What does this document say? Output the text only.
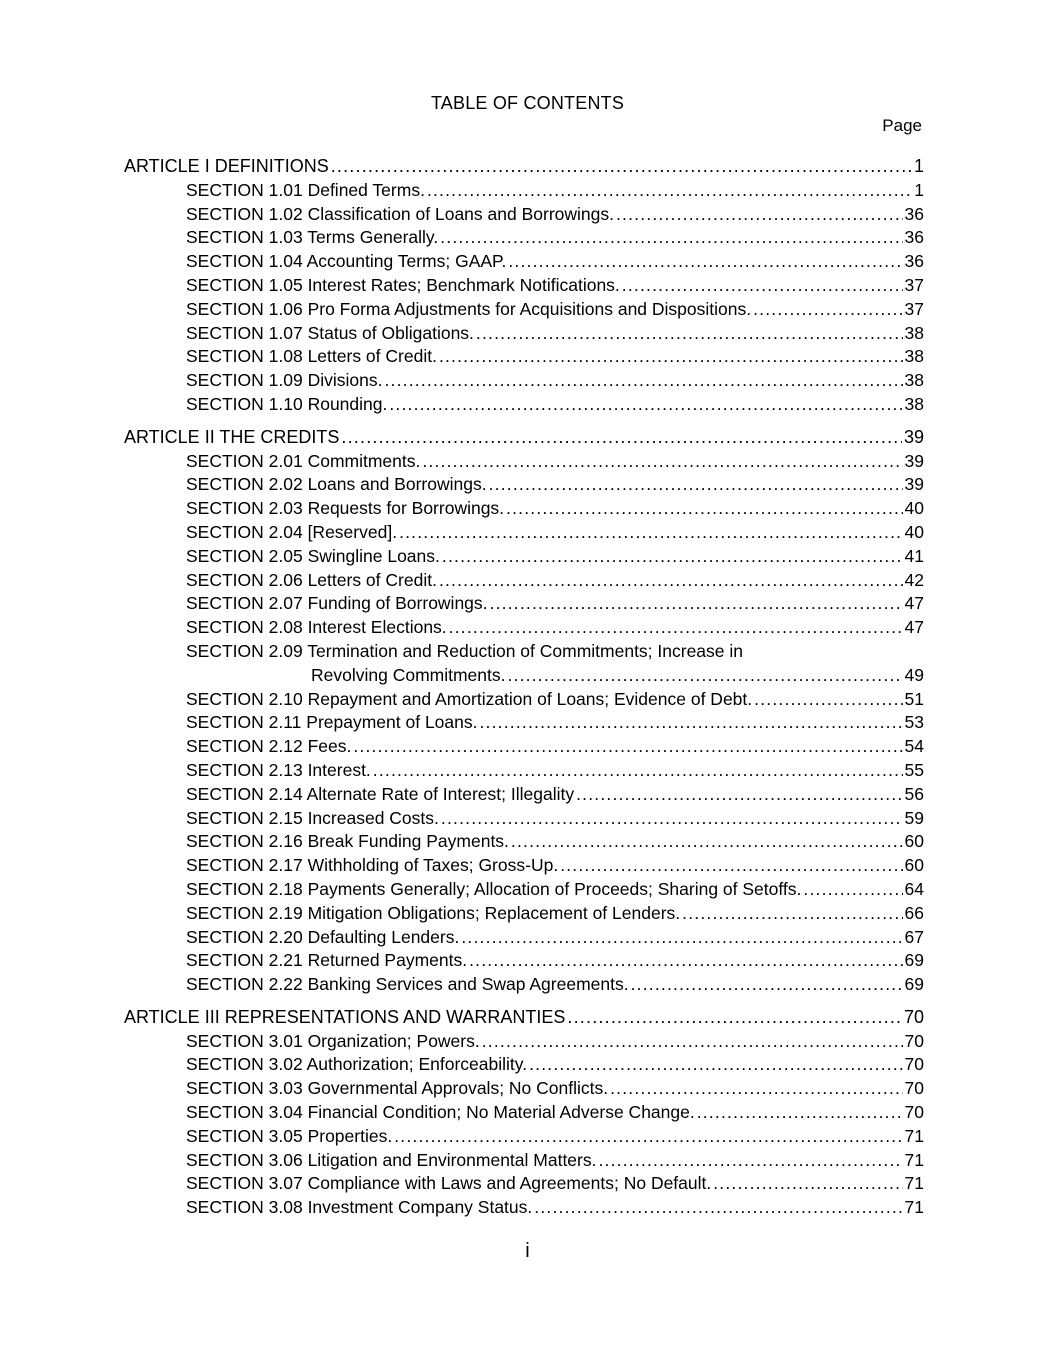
TABLE OF CONTENTS
Page
ARTICLE I DEFINITIONS .....	1
SECTION 1.01 Defined Terms. .....	1
SECTION 1.02 Classification of Loans and Borrowings. .....	36
SECTION 1.03 Terms Generally. .....	36
SECTION 1.04 Accounting Terms; GAAP. .....	36
SECTION 1.05 Interest Rates; Benchmark Notifications. .....	37
SECTION 1.06 Pro Forma Adjustments for Acquisitions and Dispositions. .....	37
SECTION 1.07 Status of Obligations. .....	38
SECTION 1.08 Letters of Credit. .....	38
SECTION 1.09 Divisions. .....	38
SECTION 1.10 Rounding. .....	38
ARTICLE II THE CREDITS .....	39
SECTION 2.01 Commitments. .....	39
SECTION 2.02 Loans and Borrowings. .....	39
SECTION 2.03 Requests for Borrowings. .....	40
SECTION 2.04 [Reserved]. .....	40
SECTION 2.05 Swingline Loans. .....	41
SECTION 2.06 Letters of Credit. .....	42
SECTION 2.07 Funding of Borrowings. .....	47
SECTION 2.08 Interest Elections. .....	47
SECTION 2.09 Termination and Reduction of Commitments; Increase in
Revolving Commitments. .....	49
SECTION 2.10 Repayment and Amortization of Loans; Evidence of Debt. .....	51
SECTION 2.11 Prepayment of Loans. .....	53
SECTION 2.12 Fees. .....	54
SECTION 2.13 Interest. .....	55
SECTION 2.14 Alternate Rate of Interest; Illegality .....	56
SECTION 2.15 Increased Costs. .....	59
SECTION 2.16 Break Funding Payments. .....	60
SECTION 2.17 Withholding of Taxes; Gross-Up. .....	60
SECTION 2.18 Payments Generally; Allocation of Proceeds; Sharing of Setoffs. .....	64
SECTION 2.19 Mitigation Obligations; Replacement of Lenders. .....	66
SECTION 2.20 Defaulting Lenders. .....	67
SECTION 2.21 Returned Payments. .....	69
SECTION 2.22 Banking Services and Swap Agreements. .....	69
ARTICLE III REPRESENTATIONS AND WARRANTIES .....	70
SECTION 3.01 Organization; Powers. .....	70
SECTION 3.02 Authorization; Enforceability. .....	70
SECTION 3.03 Governmental Approvals; No Conflicts. .....	70
SECTION 3.04 Financial Condition; No Material Adverse Change. .....	70
SECTION 3.05 Properties. .....	71
SECTION 3.06 Litigation and Environmental Matters. .....	71
SECTION 3.07 Compliance with Laws and Agreements; No Default. .....	71
SECTION 3.08 Investment Company Status. .....	71
i
